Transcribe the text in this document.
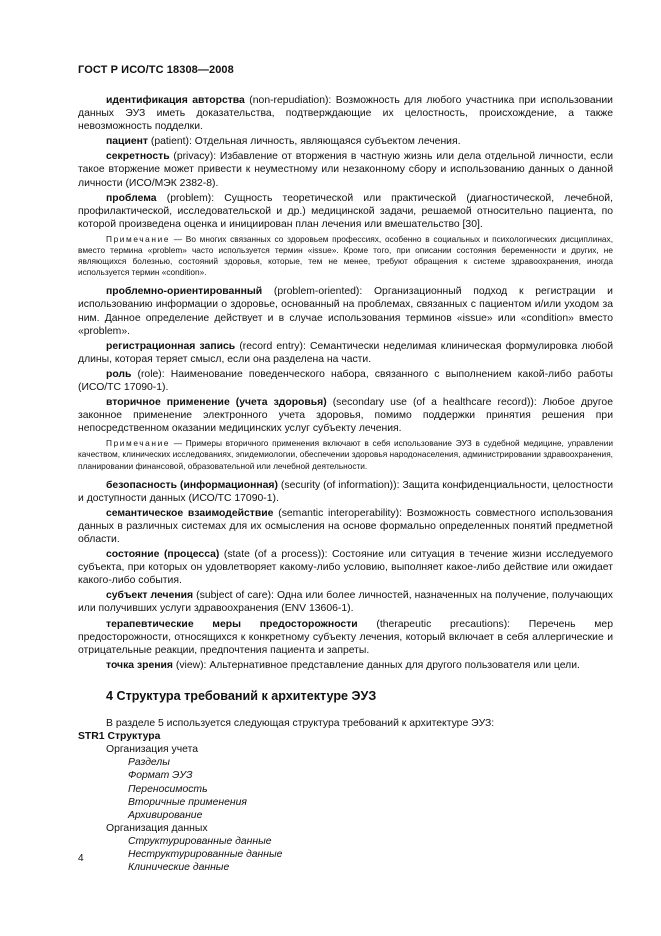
ГОСТ Р ИСО/ТС 18308—2008

идентификация авторства (non-repudiation): Возможность для любого участника при использовании данных ЭУЗ иметь доказательства, подтверждающие их целостность, происхождение, а также невозможность подделки.

пациент (patient): Отдельная личность, являющаяся субъектом лечения.

секретность (privacy): Избавление от вторжения в частную жизнь или дела отдельной личности, если такое вторжение может привести к неуместному или незаконному сбору и использованию данных о данной личности (ИСО/МЭК 2382-8).

проблема (problem): Сущность теоретической или практической (диагностической, лечебной, профилактической, исследовательской и др.) медицинской задачи, решаемой относительно пациента, по которой произведена оценка и инициирован план лечения или вмешательство [30].

Примечание — Во многих связанных со здоровьем профессиях, особенно в социальных и психологических дисциплинах, вместо термина «problem» часто используется термин «issue». Кроме того, при описании состояния беременности и других, не являющихся болезнью, состояний здоровья, которые, тем не менее, требуют обращения к системе здравоохранения, иногда используется термин «condition».

проблемно-ориентированный (problem-oriented): Организационный подход к регистрации и использованию информации о здоровье, основанный на проблемах, связанных с пациентом и/или уходом за ним. Данное определение действует и в случае использования терминов «issue» или «condition» вместо «problem».

регистрационная запись (record entry): Семантически неделимая клиническая формулировка любой длины, которая теряет смысл, если она разделена на части.

роль (role): Наименование поведенческого набора, связанного с выполнением какой-либо работы (ИСО/ТС 17090-1).

вторичное применение (учета здоровья) (secondary use (of a healthcare record)): Любое другое законное применение электронного учета здоровья, помимо поддержки принятия решения при непосредственном оказании медицинских услуг субъекту лечения.

Примечание — Примеры вторичного применения включают в себя использование ЭУЗ в судебной медицине, управлении качеством, клинических исследованиях, эпидемиологии, обеспечении здоровья народонаселения, администрировании здравоохранения, планировании финансовой, образовательной или лечебной деятельности.

безопасность (информационная) (security (of information)): Защита конфиденциальности, целостности и доступности данных (ИСО/ТС 17090-1).

семантическое взаимодействие (semantic interoperability): Возможность совместного использования данных в различных системах для их осмысления на основе формально определенных понятий предметной области.

состояние (процесса) (state (of a process)): Состояние или ситуация в течение жизни исследуемого субъекта, при которых он удовлетворяет какому-либо условию, выполняет какое-либо действие или ожидает какого-либо события.

субъект лечения (subject of care): Одна или более личностей, назначенных на получение, получающих или получивших услуги здравоохранения (ENV 13606-1).

терапевтические меры предосторожности (therapeutic precautions): Перечень мер предосторожности, относящихся к конкретному субъекту лечения, который включает в себя аллергические и отрицательные реакции, предпочтения пациента и запреты.

точка зрения (view): Альтернативное представление данных для другого пользователя или цели.

4 Структура требований к архитектуре ЭУЗ

В разделе 5 используется следующая структура требований к архитектуре ЭУЗ:

STR1 Структура
Организация учета
Разделы
Формат ЭУЗ
Переносимость
Вторичные применения
Архивирование
Организация данных
Структурированные данные
Неструктурированные данные
Клинические данные
4
